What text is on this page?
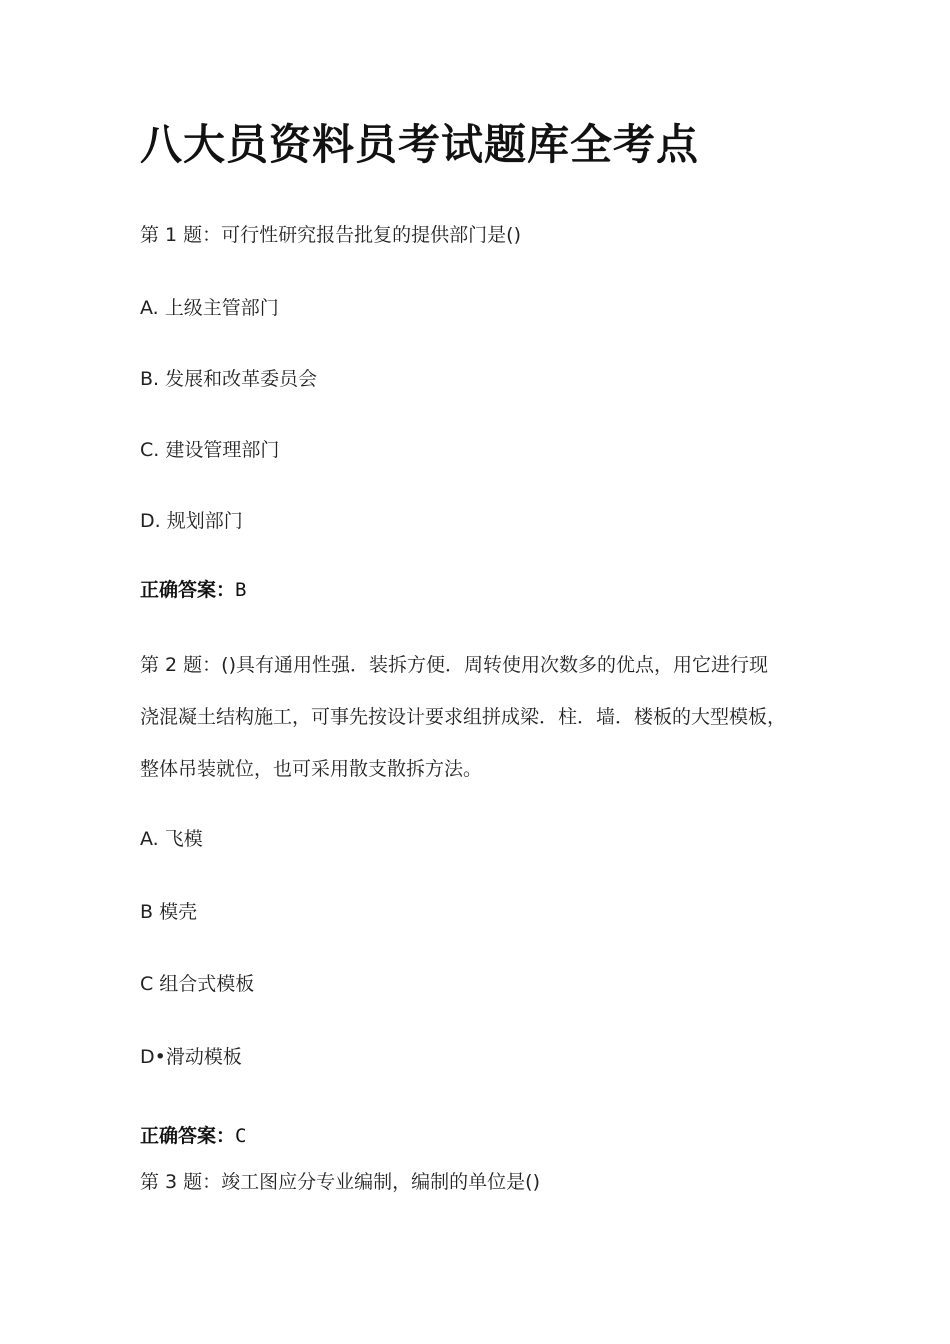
八大员资料员考试题库全考点
第 1 题：可行性研究报告批复的提供部门是()
A. 上级主管部门
B. 发展和改革委员会
C. 建设管理部门
D. 规划部门
正确答案：B
第 2 题：()具有通用性强．装拆方便．周转使用次数多的优点，用它进行现
浇混凝土结构施工，可事先按设计要求组拼成梁．柱．墙．楼板的大型模板，
整体吊装就位，也可采用散支散拆方法。
A. 飞模
B 模壳
C 组合式模板
D•滑动模板
正确答案：C
第 3 题：竣工图应分专业编制，编制的单位是()
